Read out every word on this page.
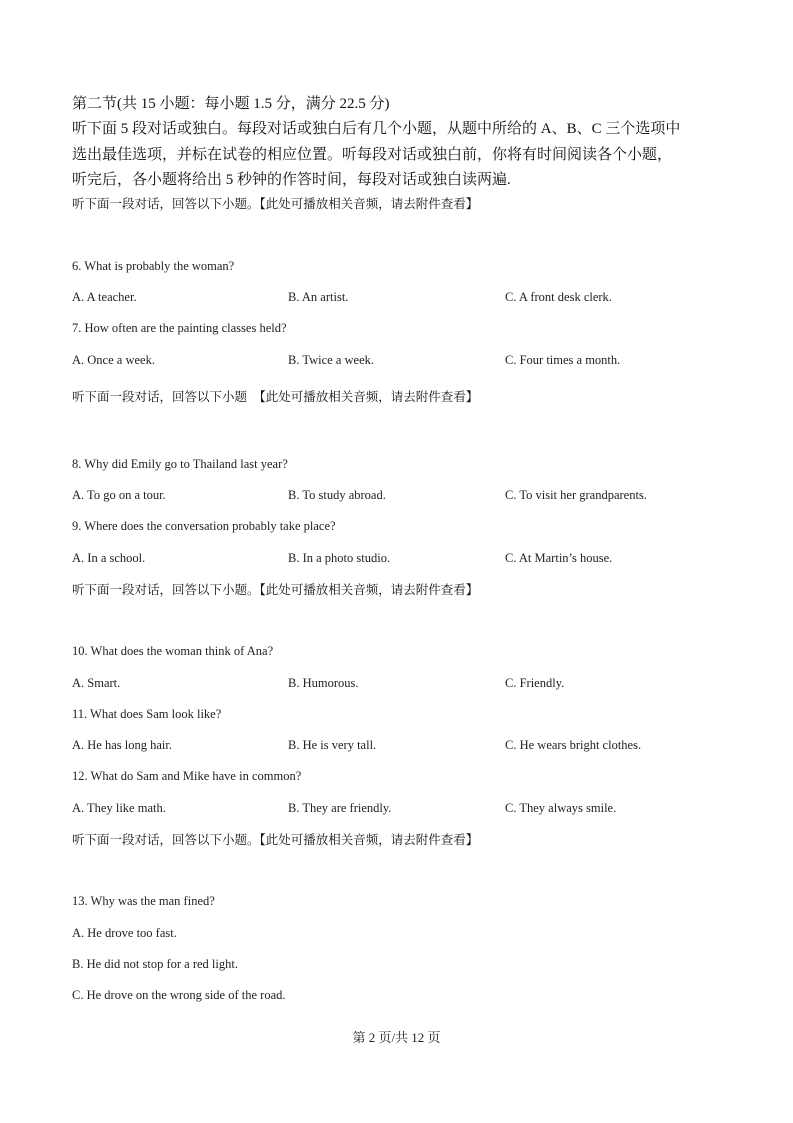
第二节(共 15 小题：每小题 1.5 分，满分 22.5 分)
听下面 5 段对话或独白。每段对话或独白后有几个小题，从题中所给的 A、B、C 三个选项中
选出最佳选项，并标在试卷的相应位置。听每段对话或独白前，你将有时间阅读各个小题，
听完后，各小题将给出 5 秒钟的作答时间，每段对话或独白读两遍.
听下面一段对话，回答以下小题。【此处可播放相关音频，请去附件查看】
6. What is probably the woman?
A. A teacher.	B. An artist.	C. A front desk clerk.
7. How often are the painting classes held?
A. Once a week.	B. Twice a week.	C. Four times a month.
听下面一段对话，回答以下小题　【此处可播放相关音频，请去附件查看】
8. Why did Emily go to Thailand last year?
A. To go on a tour.	B. To study abroad.	C. To visit her grandparents.
9. Where does the conversation probably take place?
A. In a school.	B. In a photo studio.	C. At Martin’s house.
听下面一段对话，回答以下小题。【此处可播放相关音频，请去附件查看】
10. What does the woman think of Ana?
A. Smart.	B. Humorous.	C. Friendly.
11. What does Sam look like?
A. He has long hair.	B. He is very tall.	C. He wears bright clothes.
12. What do Sam and Mike have in common?
A. They like math.	B. They are friendly.	C. They always smile.
听下面一段对话，回答以下小题。【此处可播放相关音频，请去附件查看】
13. Why was the man fined?
A. He drove too fast.
B. He did not stop for a red light.
C. He drove on the wrong side of the road.
第 2 页/共 12 页
